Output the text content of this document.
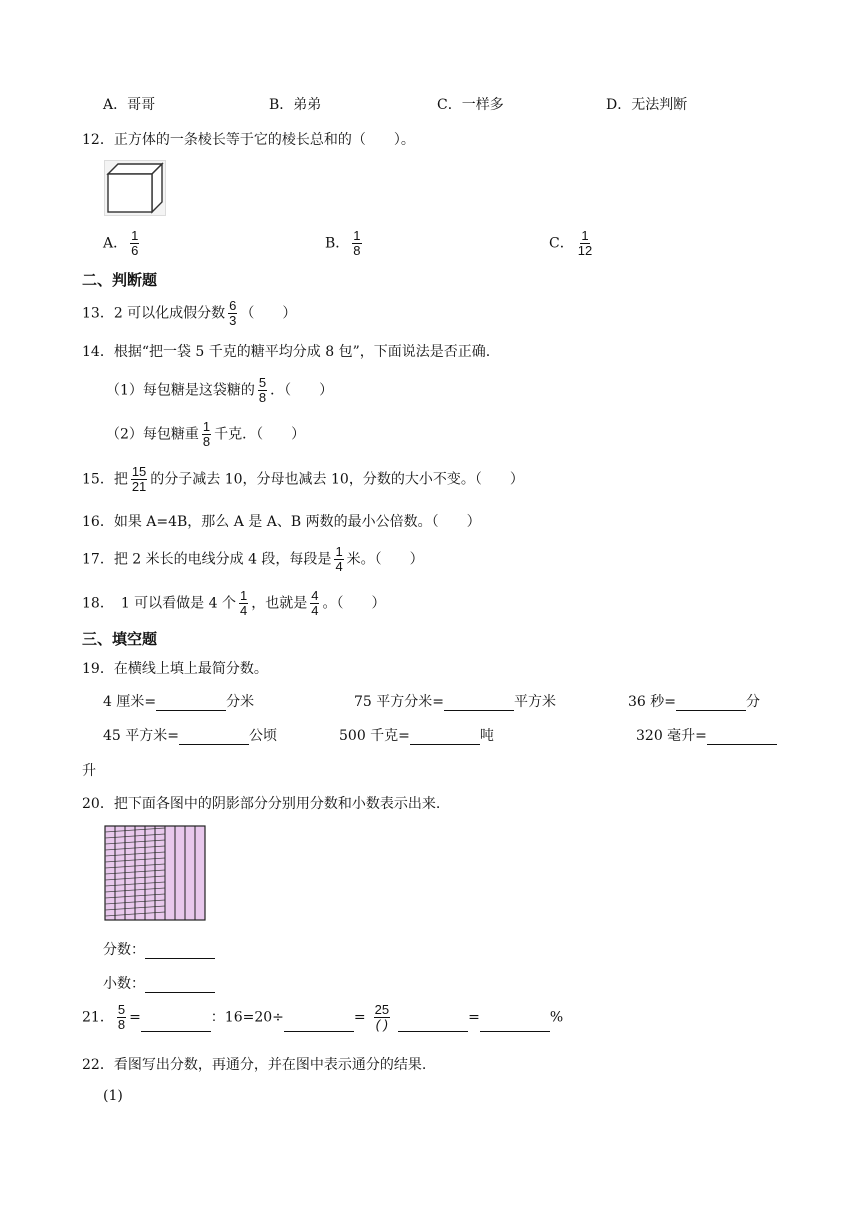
A．哥哥	B．弟弟	C．一样多	D．无法判断
12．正方体的一条棱长等于它的棱长总和的（　　）。
A． $\frac{1}{6}$	B． $\frac{1}{8}$	C． $\frac{1}{12}$
二、判断题
13．2 可以化成假分数 $\frac{6}{3}$ （　　）
14．根据“把一袋 5 千克的糖平均分成 8 包”，下面说法是否正确.
（1）每包糖是这袋糖的 $\frac{5}{8}$ ．（　　）
（2）每包糖重 $\frac{1}{8}$ 千克．（　　）
15．把 $\frac{15}{21}$ 的分子减去 10，分母也减去 10，分数的大小不变。（　　）
16．如果 A=4B，那么 A 是 A、B 两数的最小公倍数。（　　）
17．把 2 米长的电线分成 4 段，每段是 $\frac{1}{4}$ 米。（　　）
18．　1 可以看做是 4 个 $\frac{1}{4}$ ，也就是 $\frac{4}{4}$ 。（　　）
三、填空题
19．在横线上填上最简分数。
4 厘米=	分米	75 平方分米=	平方米	36 秒=	分
45 平方米=	公顷	500 千克=	吨	320 毫升=
升
20．把下面各图中的阴影部分分别用分数和小数表示出来.
分数：
小数：
21． $\frac{5}{8}$ =	：16=20÷	= $\frac{25}{( )}$	=	%
22．看图写出分数，再通分，并在图中表示通分的结果.
(1)
